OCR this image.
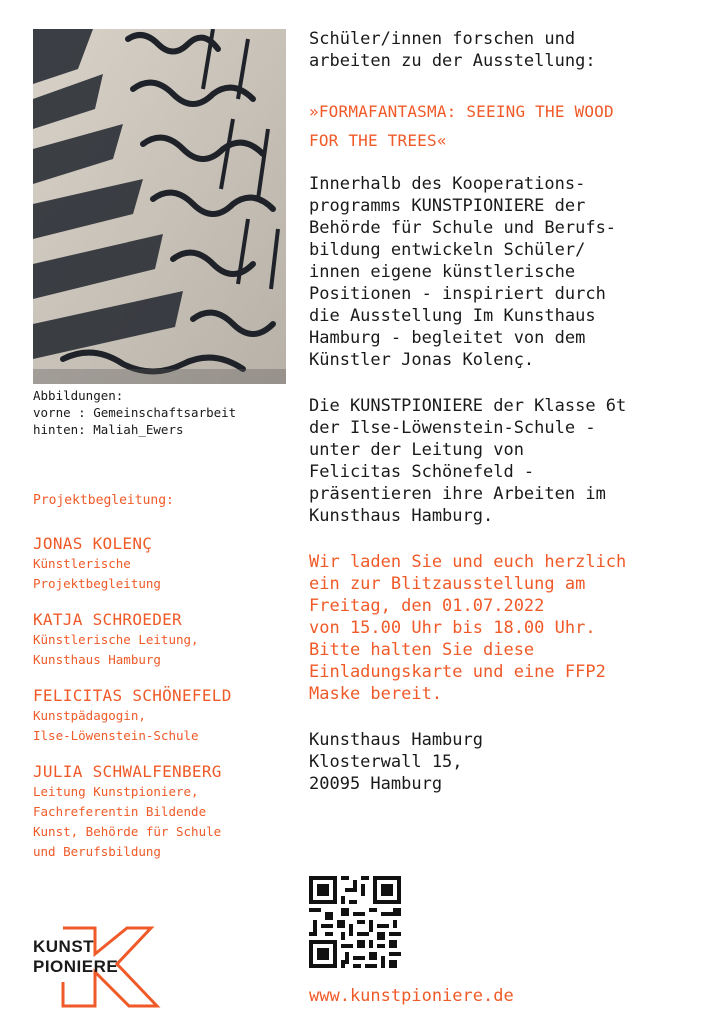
Abbildungen:
vorne : Gemeinschaftsarbeit
hinten: Maliah_Ewers
Projektbegleitung:
JONAS KOLENÇ
Künstlerische
Projektbegleitung
KATJA SCHROEDER
Künstlerische Leitung,
Kunsthaus Hamburg
FELICITAS SCHÖNEFELD
Kunstpädagogin,
Ilse-Löwenstein-Schule
JULIA SCHWALFENBERG
Leitung Kunstpioniere,
Fachreferentin Bildende
Kunst, Behörde für Schule
und Berufsbildung
Schüler/innen forschen und
arbeiten zu der Ausstellung:
»FORMAFANTASMA: SEEING THE WOOD
FOR THE TREES«
Innerhalb des Kooperations-
programms KUNSTPIONIERE der
Behörde für Schule und Berufs-
bildung entwickeln Schüler/
innen eigene künstlerische
Positionen - inspiriert durch
die Ausstellung Im Kunsthaus
Hamburg - begleitet von dem
Künstler Jonas Kolenç.
Die KUNSTPIONIERE der Klasse 6t
der Ilse-Löwenstein-Schule -
unter der Leitung von
Felicitas Schönefeld -
präsentieren ihre Arbeiten im
Kunsthaus Hamburg.
Wir laden Sie und euch herzlich
ein zur Blitzausstellung am
Freitag, den 01.07.2022
von 15.00 Uhr bis 18.00 Uhr.
Bitte halten Sie diese
Einladungskarte und eine FFP2
Maske bereit.
Kunsthaus Hamburg
Klosterwall 15,
20095 Hamburg
www.kunstpioniere.de
KUNST
PIONIERE
